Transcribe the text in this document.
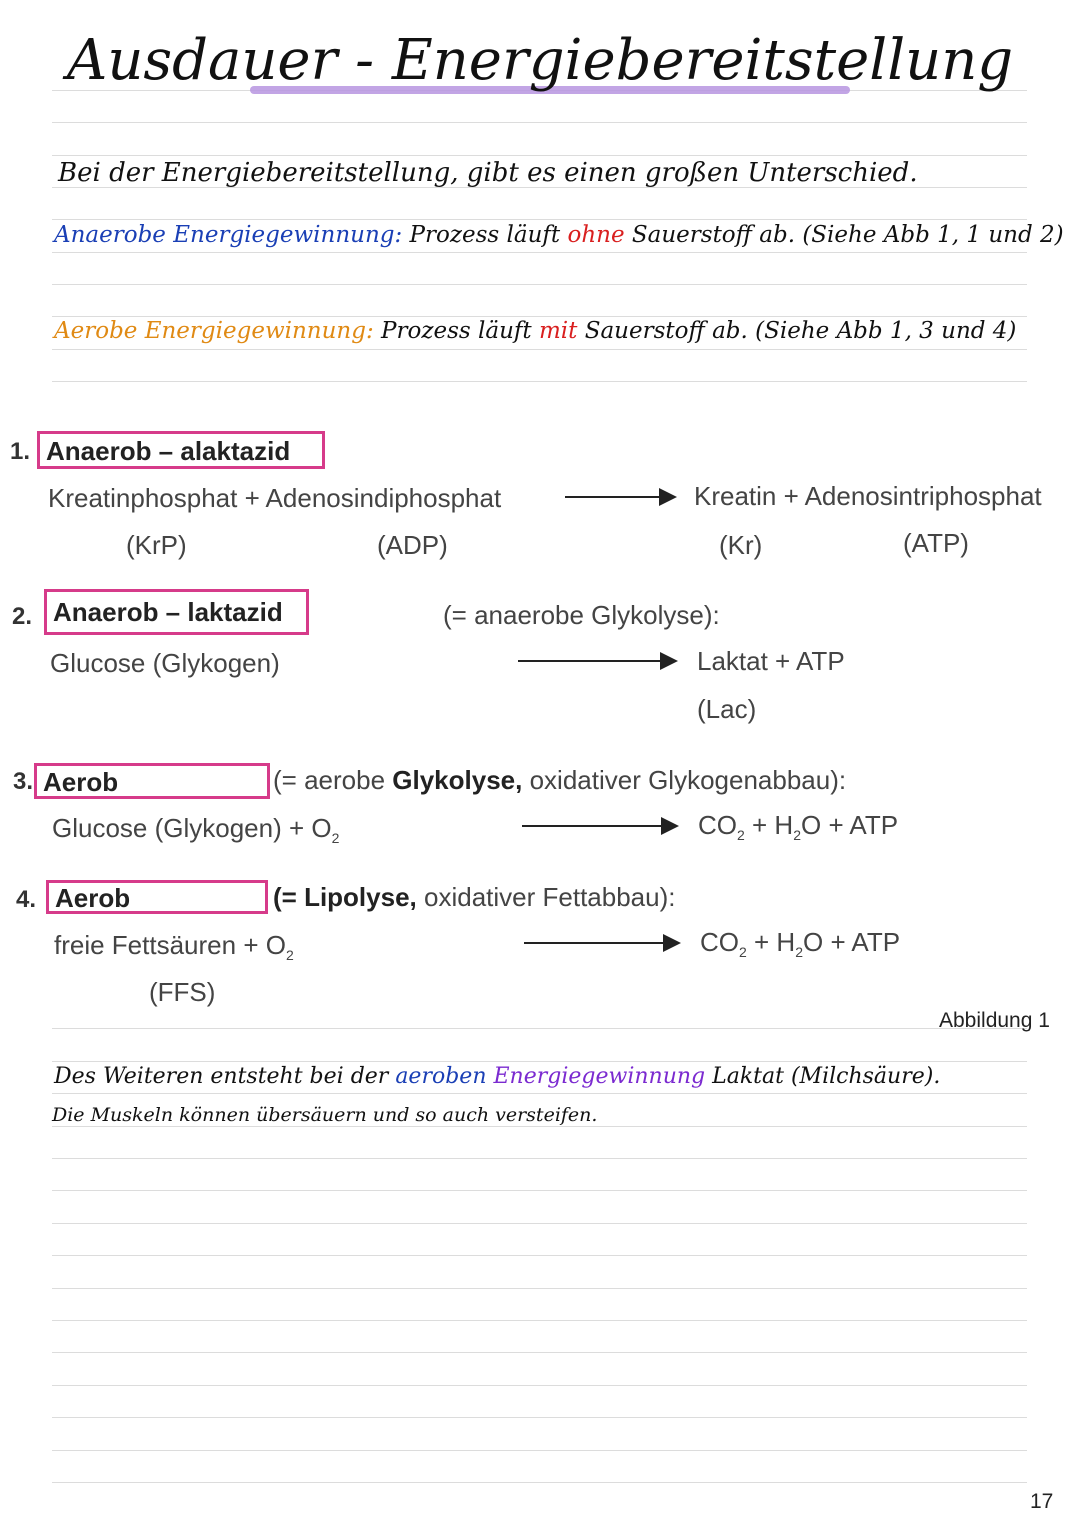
Ausdauer - Energiebereitstellung
Bei der Energiebereitstellung, gibt es einen großen Unterschied.
Anaerobe Energiegewinnung: Prozess läuft ohne Sauerstoff ab. (Siehe Abb 1, 1 und 2)
Aerobe Energiegewinnung: Prozess läuft mit Sauerstoff ab. (Siehe Abb 1, 3 und 4)
1. Anaerob – alaktazid
Kreatinphosphat + Adenosindiphosphat	Kreatin + Adenosintriphosphat
(KrP)	(ADP)	(Kr)	(ATP)
2. Anaerob – laktazid	(= anaerobe Glykolyse):
Glucose (Glykogen)	Laktat + ATP
(Lac)
3. Aerob	(= aerobe Glykolyse, oxidativer Glykogenabbau):
Glucose (Glykogen) + $O_2$	$CO_2 + H_2O$ + ATP
4. Aerob	(= Lipolyse, oxidativer Fettabbau):
freie Fettsäuren + $O_2$	$CO_2 + H_2O$ + ATP
(FFS)
Abbildung 1
Des Weiteren entsteht bei der aeroben Energiegewinnung Laktat (Milchsäure).
Die Muskeln können übersäuern und so auch versteifen.
17
